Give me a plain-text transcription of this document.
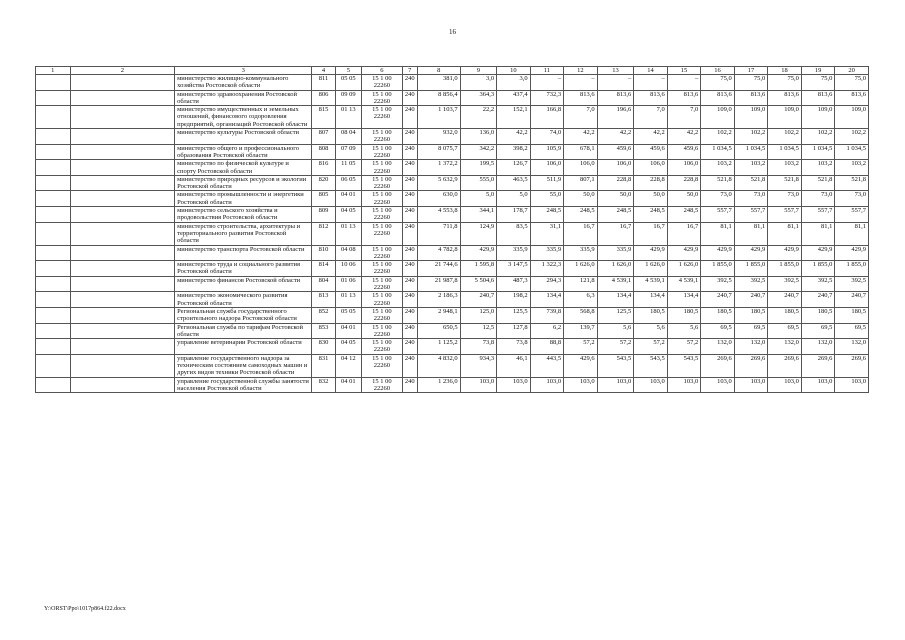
16
1	2	3	4	5	6	7	8	9	10	11	12	13	14	15	16	17	18	19	20
		министерство жилищно-коммунального хозяйства Ростовской области	811	05 05	15 1 00 22260	240	381,0	3,0	3,0	–	–	–	–	–	75,0	75,0	75,0	75,0	75,0
		министерство здравоохранения Ростовской области	806	09 09	15 1 00 22260	240	8 856,4	364,3	437,4	732,3	813,6	813,6	813,6	813,6	813,6	813,6	813,6	813,6	813,6
		министерство имущественных и земельных отношений, финансового оздоровления предприятий, организаций Ростовской области	815	01 13	15 1 00 22260	240	1 103,7	22,2	152,1	166,8	7,0	196,6	7,0	7,0	109,0	109,0	109,0	109,0	109,0
		министерство культуры Ростовской области	807	08 04	15 1 00 22260	240	932,0	136,0	42,2	74,0	42,2	42,2	42,2	42,2	102,2	102,2	102,2	102,2	102,2
		министерство общего и профессионального образования Ростовской области	808	07 09	15 1 00 22260	240	8 075,7	342,2	398,2	105,9	678,1	459,6	459,6	459,6	1 034,5	1 034,5	1 034,5	1 034,5	1 034,5
		министерство по физической культуре и спорту Ростовской области	816	11 05	15 1 00 22260	240	1 372,2	199,5	126,7	106,0	106,0	106,0	106,0	106,0	103,2	103,2	103,2	103,2	103,2
		министерство природных ресурсов и экологии Ростовской области	820	06 05	15 1 00 22260	240	5 632,9	555,0	463,5	511,9	807,1	228,8	228,8	228,8	521,8	521,8	521,8	521,8	521,8
		министерство промышленности и энергетики Ростовской области	805	04 01	15 1 00 22260	240	630,0	5,0	5,0	55,0	50,0	50,0	50,0	50,0	73,0	73,0	73,0	73,0	73,0
		министерство сельского хозяйства и продовольствия Ростовской области	809	04 05	15 1 00 22260	240	4 553,8	344,1	178,7	248,5	248,5	248,5	248,5	248,5	557,7	557,7	557,7	557,7	557,7
		министерство строительства, архитектуры и территориального развития Ростовской области	812	01 13	15 1 00 22260	240	711,8	124,9	83,5	31,1	16,7	16,7	16,7	16,7	81,1	81,1	81,1	81,1	81,1
		министерство транспорта Ростовской области	810	04 08	15 1 00 22260	240	4 782,8	429,9	335,9	335,9	335,9	335,9	429,9	429,9	429,9	429,9	429,9	429,9	429,9
		министерство труда и социального развития Ростовской области	814	10 06	15 1 00 22260	240	21 744,6	1 595,8	3 147,5	1 322,3	1 626,0	1 626,0	1 626,0	1 626,0	1 855,0	1 855,0	1 855,0	1 855,0	1 855,0
		министерство финансов Ростовской области	804	01 06	15 1 00 22260	240	21 987,8	5 504,6	487,3	294,3	121,8	4 539,1	4 539,1	4 539,1	392,5	392,5	392,5	392,5	392,5
		министерство экономического развития Ростовской области	813	01 13	15 1 00 22260	240	2 186,3	240,7	198,2	134,4	6,3	134,4	134,4	134,4	240,7	240,7	240,7	240,7	240,7
		Региональная служба государственного строительного надзора Ростовской области	852	05 05	15 1 00 22260	240	2 948,1	125,0	125,5	739,8	568,8	125,5	180,5	180,5	180,5	180,5	180,5	180,5	180,5
		Региональная служба по тарифам Ростовской области	853	04 01	15 1 00 22260	240	650,5	12,5	127,8	6,2	139,7	5,6	5,6	5,6	69,5	69,5	69,5	69,5	69,5
		управление ветеринарии Ростовской области	830	04 05	15 1 00 22260	240	1 125,2	73,8	73,8	88,8	57,2	57,2	57,2	57,2	132,0	132,0	132,0	132,0	132,0
		управление государственного надзора за техническим состоянием самоходных машин и других видов техники Ростовской области	831	04 12	15 1 00 22260	240	4 832,0	934,3	46,1	443,5	429,6	543,5	543,5	543,5	269,6	269,6	269,6	269,6	269,6
		управление государственной службы занятости населения Ростовской области	832	04 01	15 1 00 22260	240	1 236,0	103,0	103,0	103,0	103,0	103,0	103,0	103,0	103,0	103,0	103,0	103,0	103,0
Y:\ORST\Ppo\1017p864.f22.docx
